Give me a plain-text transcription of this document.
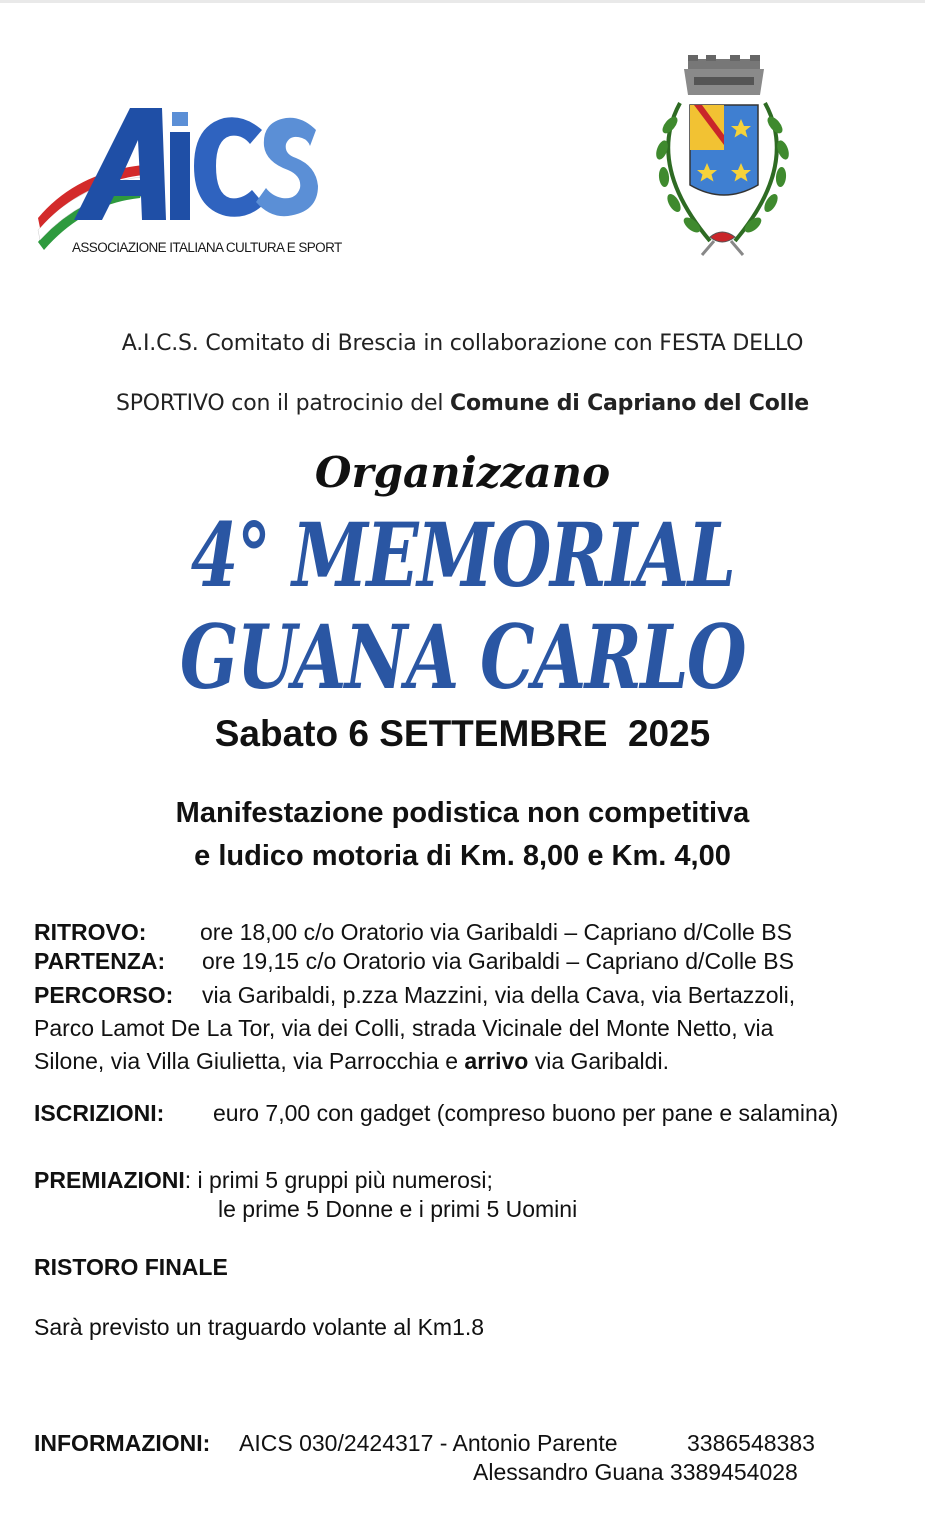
ASSOCIAZIONE ITALIANA CULTURA E SPORT
A.I.C.S. Comitato di Brescia in collaborazione con FESTA DELLO
SPORTIVO con il patrocinio del Comune di Capriano del Colle
Organizzano
4° MEMORIAL
GUANA CARLO
Sabato 6 SETTEMBRE  2025
Manifestazione podistica non competitiva
e ludico motoria di Km. 8,00 e Km. 4,00
RITROVO: ore 18,00 c/o Oratorio via Garibaldi – Capriano d/Colle BS
PARTENZA: ore 19,15 c/o Oratorio via Garibaldi – Capriano d/Colle BS
PERCORSO: via Garibaldi, p.zza Mazzini, via della Cava, via Bertazzoli,
Parco Lamot De La Tor, via dei Colli, strada Vicinale del Monte Netto, via
Silone, via Villa Giulietta, via Parrocchia e arrivo via Garibaldi.
ISCRIZIONI: euro 7,00 con gadget (compreso buono per pane e salamina)
PREMIAZIONI: i primi 5 gruppi più numerosi;
le prime 5 Donne e i primi 5 Uomini
RISTORO FINALE
Sarà previsto un traguardo volante al Km1.8
INFORMAZIONI: AICS 030/2424317 - Antonio Parente	3386548383
Alessandro Guana 3389454028
